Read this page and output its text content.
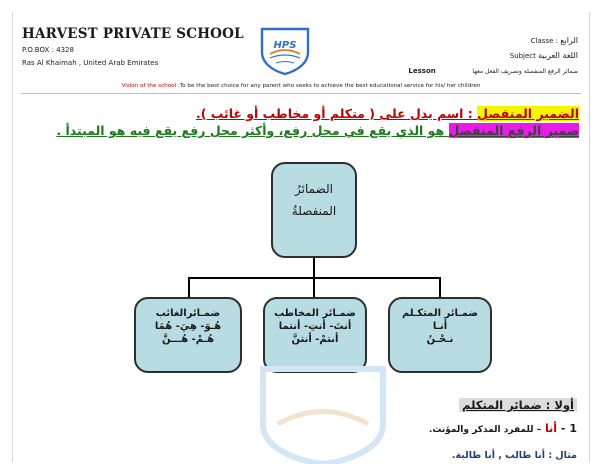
HARVEST PRIVATE SCHOOL
P.O.BOX : 4328
Ras Al Khaimah , United Arab Emirates
HPS	Classe : الرابع
Subject اللغة العربية
Lesson	ضمائر الرفع المنفصلة وتصريف الفعل معها
Vision of the school :To be the best choice for any parent who seeks to achieve the best educational service for his/ her children
الضمير المنفصل : اسم يدل على ( متكلم أو مخاطب أو غائب ).
ضمير الرفع المنفصل هو الذي يقع في محل رفع، وأكثر محل رفع يقع فيه هو المبتدأ .
الضمائرُ
المنفصلةُ
ضمـائرالغائب
هُـوَ- هِيَ- هُمَا
هُـمْ- هُـــنَّ
ضمـائر المخاطب
أنتَ- أنتِ- أنتما
أنتمْ- أنتنَّ
ضمـائر المتكـلم
أنـا
نـحْـنُ
أولا : ضمائر المتكلم
1 - أنا – للمفرد المذكر والمؤنث.
مثال : أنا طالب , أنا طالبة.
